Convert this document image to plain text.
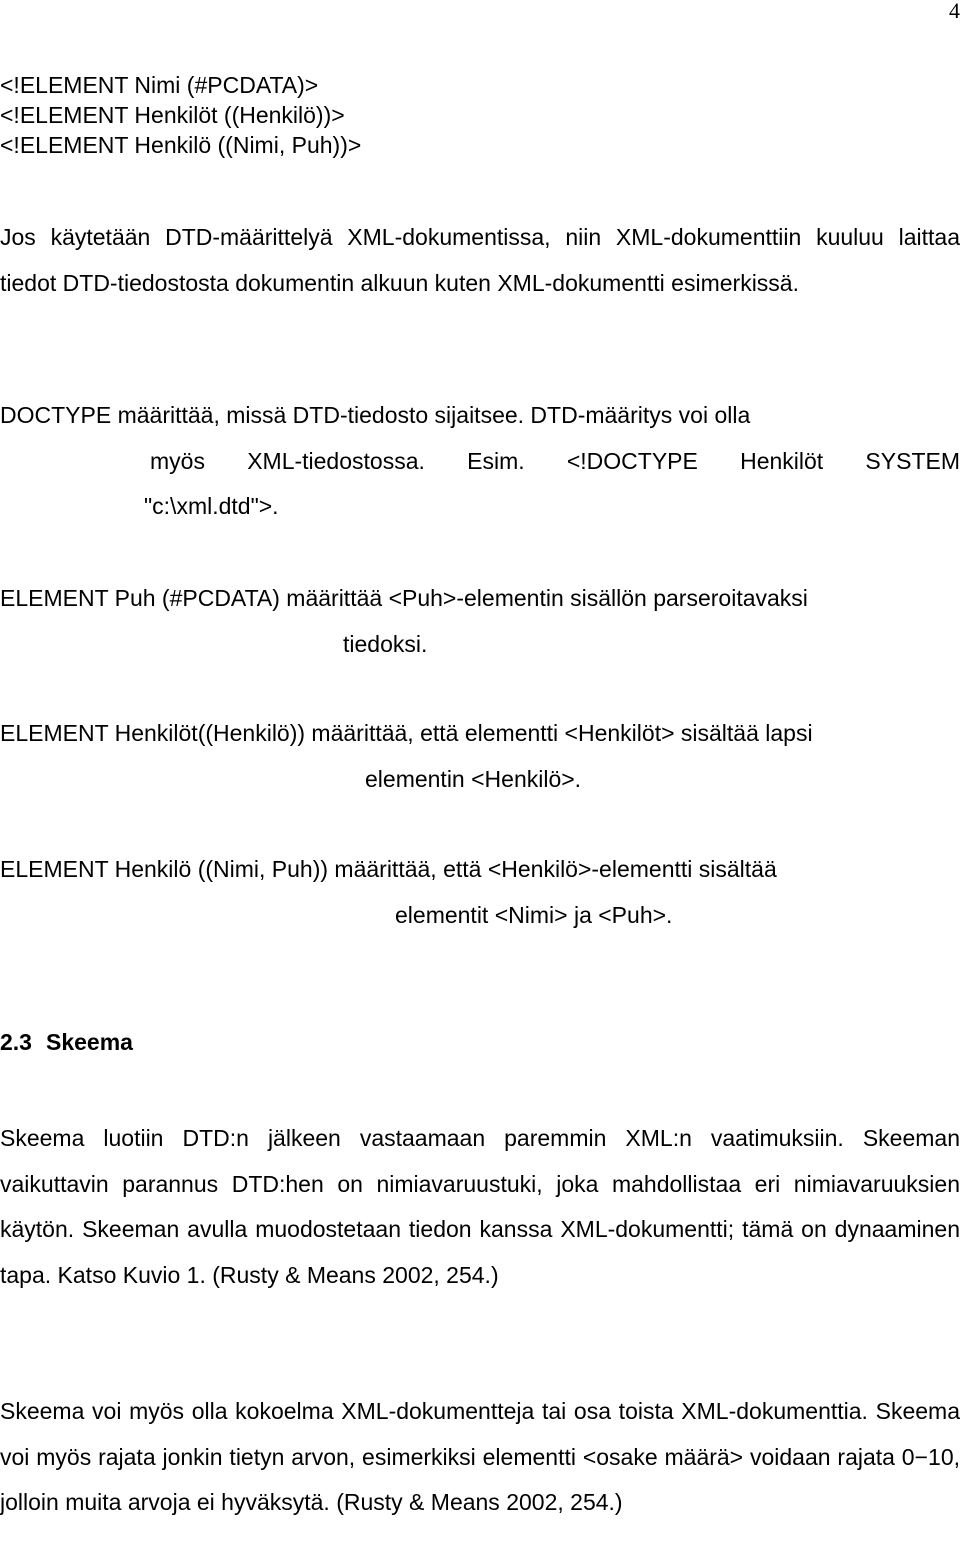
4
<!ELEMENT Nimi (#PCDATA)>
<!ELEMENT Henkilöt ((Henkilö))>
<!ELEMENT Henkilö ((Nimi, Puh))>
Jos käytetään DTD-määrittelyä XML-dokumentissa, niin XML-dokumenttiin kuuluu laittaa tiedot DTD-tiedostosta dokumentin alkuun kuten XML-dokumentti esimerkissä.
DOCTYPE määrittää, missä DTD-tiedosto sijaitsee. DTD-määritys voi olla
myös XML-tiedostossa. Esim. <!DOCTYPE Henkilöt SYSTEM
"c:\xml.dtd">.
ELEMENT Puh (#PCDATA) määrittää <Puh>-elementin sisällön parseroitavaksi
tiedoksi.
ELEMENT Henkilöt((Henkilö)) määrittää, että elementti <Henkilöt> sisältää lapsi
elementin <Henkilö>.
ELEMENT Henkilö ((Nimi, Puh)) määrittää, että <Henkilö>-elementti sisältää
elementit <Nimi> ja <Puh>.
2.3 Skeema
Skeema luotiin DTD:n jälkeen vastaamaan paremmin XML:n vaatimuksiin. Skeeman vaikuttavin parannus DTD:hen on nimiavaruustuki, joka mahdollistaa eri nimiavaruuksien käytön. Skeeman avulla muodostetaan tiedon kanssa XML-dokumentti; tämä on dynaaminen tapa. Katso Kuvio 1. (Rusty & Means 2002, 254.)
Skeema voi myös olla kokoelma XML-dokumentteja tai osa toista XML-dokumenttia. Skeema voi myös rajata jonkin tietyn arvon, esimerkiksi elementti <osake määrä> voidaan rajata 0−10, jolloin muita arvoja ei hyväksytä. (Rusty & Means 2002, 254.)
